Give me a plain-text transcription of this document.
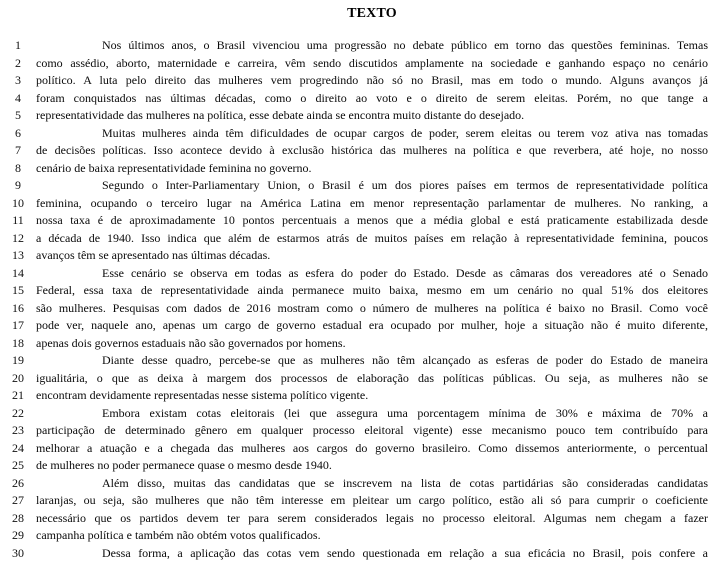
TEXTO
1	Nos últimos anos, o Brasil vivenciou uma progressão no debate público em torno das questões femininas. Temas
2	como assédio, aborto, maternidade e carreira, vêm sendo discutidos amplamente na sociedade e ganhando espaço no cenário
3	político. A luta pelo direito das mulheres vem progredindo não só no Brasil, mas em todo o mundo. Alguns avanços já
4	foram conquistados nas últimas décadas, como o direito ao voto e o direito de serem eleitas. Porém, no que tange a
5	representatividade das mulheres na política, esse debate ainda se encontra muito distante do desejado.
6	Muitas mulheres ainda têm dificuldades de ocupar cargos de poder, serem eleitas ou terem voz ativa nas tomadas
7	de decisões políticas. Isso acontece devido à exclusão histórica das mulheres na política e que reverbera, até hoje, no nosso
8	cenário de baixa representatividade feminina no governo.
9	Segundo o Inter-Parliamentary Union, o Brasil é um dos piores países em termos de representatividade política
10	feminina, ocupando o terceiro lugar na América Latina em menor representação parlamentar de mulheres. No ranking, a
11	nossa taxa é de aproximadamente 10 pontos percentuais a menos que a média global e está praticamente estabilizada desde
12	a década de 1940. Isso indica que além de estarmos atrás de muitos países em relação à representatividade feminina, poucos
13	avanços têm se apresentado nas últimas décadas.
14	Esse cenário se observa em todas as esfera do poder do Estado. Desde as câmaras dos vereadores até o Senado
15	Federal, essa taxa de representatividade ainda permanece muito baixa, mesmo em um cenário no qual 51% dos eleitores
16	são mulheres. Pesquisas com dados de 2016 mostram como o número de mulheres na política é baixo no Brasil. Como você
17	pode ver, naquele ano, apenas um cargo de governo estadual era ocupado por mulher, hoje a situação não é muito diferente,
18	apenas dois governos estaduais não são governados por homens.
19	Diante desse quadro, percebe-se que as mulheres não têm alcançado as esferas de poder do Estado de maneira
20	igualitária, o que as deixa à margem dos processos de elaboração das políticas públicas. Ou seja, as mulheres não se
21	encontram devidamente representadas nesse sistema político vigente.
22	Embora existam cotas eleitorais (lei que assegura uma porcentagem mínima de 30% e máxima de 70% a
23	participação de determinado gênero em qualquer processo eleitoral vigente) esse mecanismo pouco tem contribuído para
24	melhorar a atuação e a chegada das mulheres aos cargos do governo brasileiro. Como dissemos anteriormente, o percentual
25	de mulheres no poder permanece quase o mesmo desde 1940.
26	Além disso, muitas das candidatas que se inscrevem na lista de cotas partidárias são consideradas candidatas
27	laranjas, ou seja, são mulheres que não têm interesse em pleitear um cargo político, estão ali só para cumprir o coeficiente
28	necessário que os partidos devem ter para serem considerados legais no processo eleitoral. Algumas nem chegam a fazer
29	campanha política e também não obtém votos qualificados.
30	Dessa forma, a aplicação das cotas vem sendo questionada em relação a sua eficácia no Brasil, pois confere a
